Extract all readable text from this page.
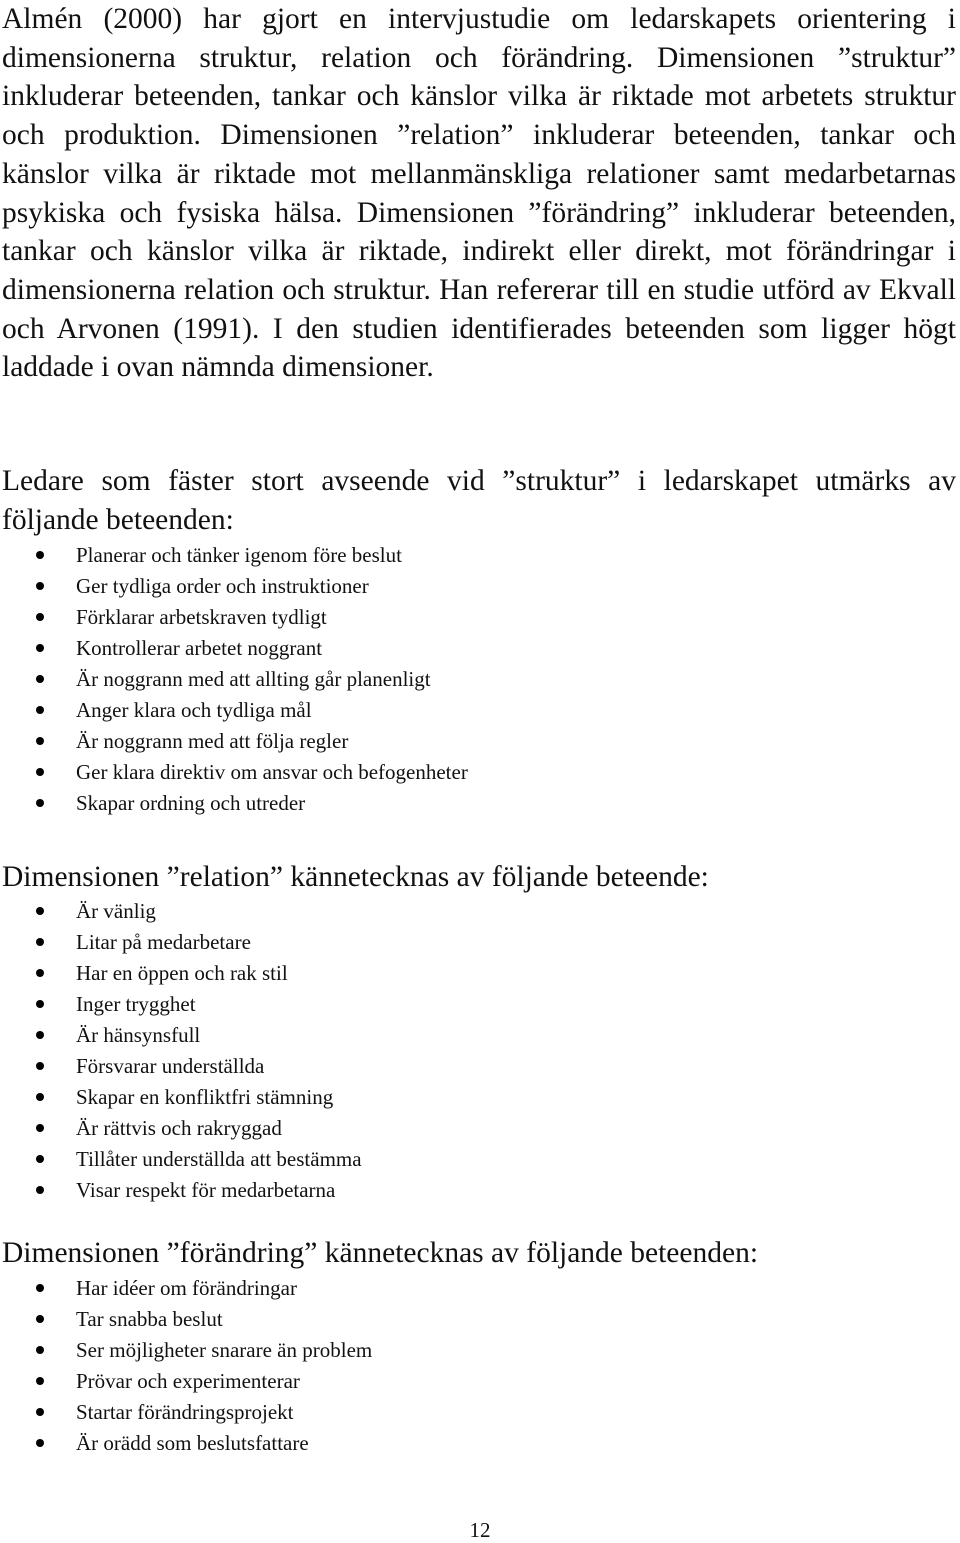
Almén (2000) har gjort en intervjustudie om ledarskapets orientering i dimensionerna struktur, relation och förändring. Dimensionen ”struktur” inkluderar beteenden, tankar och känslor vilka är riktade mot arbetets struktur och produktion. Dimensionen ”relation” inkluderar beteenden, tankar och känslor vilka är riktade mot mellanmänskliga relationer samt medarbetarnas psykiska och fysiska hälsa. Dimensionen ”förändring” inkluderar beteenden, tankar och känslor vilka är riktade, indirekt eller direkt, mot förändringar i dimensionerna relation och struktur. Han refererar till en studie utförd av Ekvall och Arvonen (1991). I den studien identifierades beteenden som ligger högt laddade i ovan nämnda dimensioner.

Ledare som fäster stort avseende vid ”struktur” i ledarskapet utmärks av följande beteenden:

Planerar och tänker igenom före beslut
Ger tydliga order och instruktioner
Förklarar arbetskraven tydligt
Kontrollerar arbetet noggrant
Är noggrann med att allting går planenligt
Anger klara och tydliga mål
Är noggrann med att följa regler
Ger klara direktiv om ansvar och befogenheter
Skapar ordning och utreder

Dimensionen ”relation” kännetecknas av följande beteende:

Är vänlig
Litar på medarbetare
Har en öppen och rak stil
Inger trygghet
Är hänsynsfull
Försvarar underställda
Skapar en konfliktfri stämning
Är rättvis och rakryggad
Tillåter underställda att bestämma
Visar respekt för medarbetarna

Dimensionen ”förändring” kännetecknas av följande beteenden:

Har idéer om förändringar
Tar snabba beslut
Ser möjligheter snarare än problem
Prövar och experimenterar
Startar förändringsprojekt
Är orädd som beslutsfattare
12
